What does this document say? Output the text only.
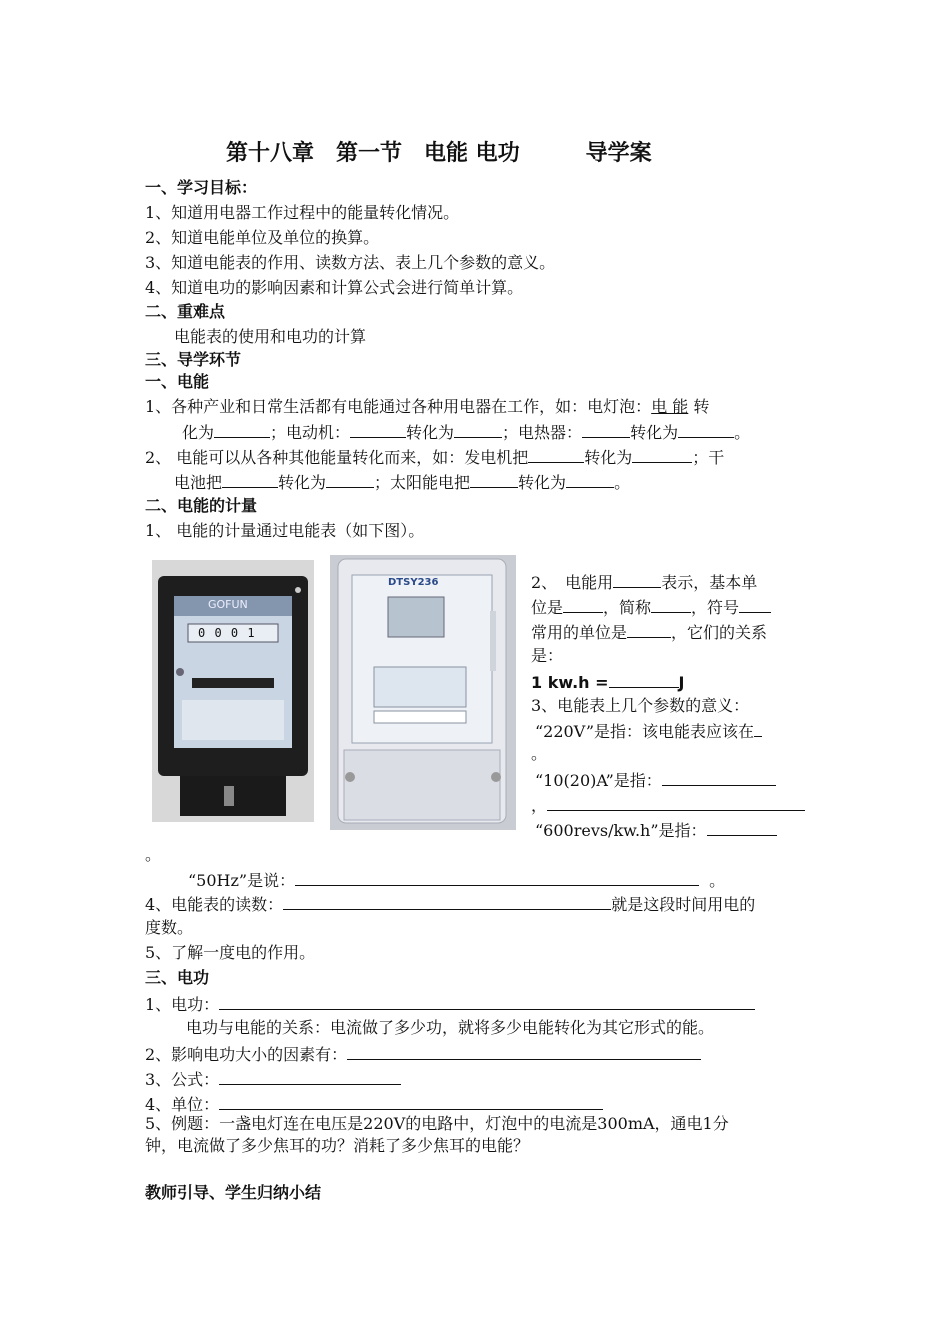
第十八章　第一节　电能 电功　　　导学案
一、学习目标：
1、知道用电器工作过程中的能量转化情况。
2、知道电能单位及单位的换算。
3、知道电能表的作用、读数方法、表上几个参数的意义。
4、知道电功的影响因素和计算公式会进行简单计算。
二、重难点
电能表的使用和电功的计算
三、导学环节
一、电能
1、各种产业和日常生活都有电能通过各种用电器在工作，如：电灯泡：电 能 转
化为	；电动机：	转化为	；电热器：	转化为	。
2、 电能可以从各种其他能量转化而来，如：发电机把	转化为	；干
电池把	转化为	；太阳能电把	转化为	。
二、电能的计量
1、 电能的计量通过电能表（如下图）。
GOFUN
0 0 0 1
DTSY236	2、　电能用	表示，基本单
位是	，简称	，符号
常用的单位是	，它们的关系
是：
1 kw.h =	J
3、电能表上几个参数的意义：
“220V”是指：该电能表应该在
。
“10(20)A”是指：
，
“600revs/kw.h”是指：
。
“50Hz”是说：	。
4、电能表的读数：	就是这段时间用电的
度数。
5、了解一度电的作用。
三、电功
1、电功：
电功与电能的关系：电流做了多少功，就将多少电能转化为其它形式的能。
2、影响电功大小的因素有：
3、公式：
4、单位：
5、例题：一盏电灯连在电压是220V的电路中，灯泡中的电流是300mA，通电1分
钟，电流做了多少焦耳的功？消耗了多少焦耳的电能？
教师引导、学生归纳小结
